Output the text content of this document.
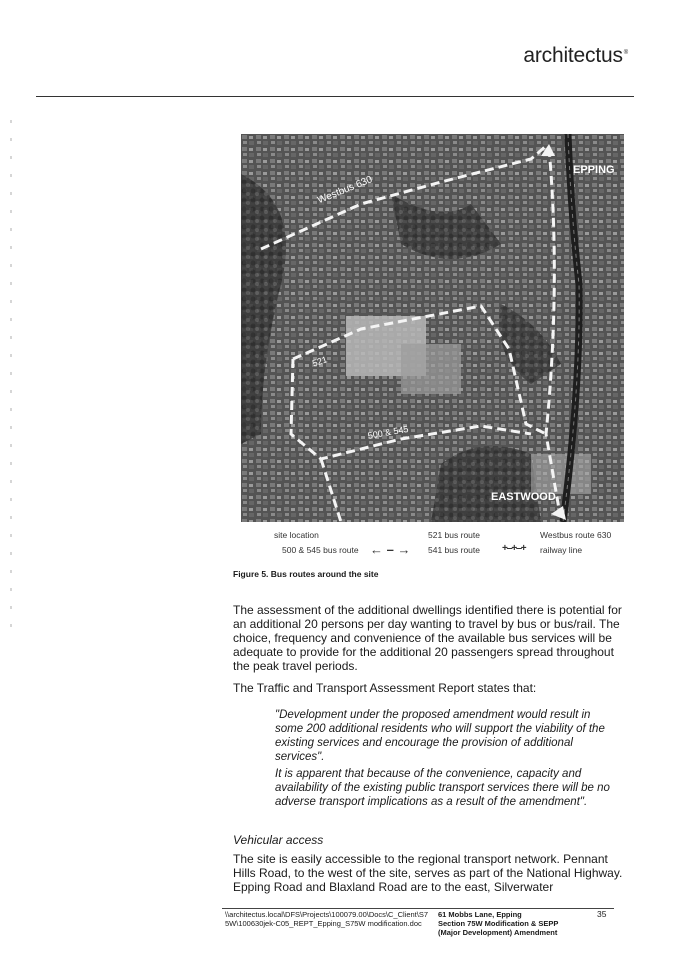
architectus®
EPPING
EASTWOOD
Westbus 630
521
500 & 545
site location	521 bus route	Westbus route 630
500 & 545 bus route ← – → 541 bus route +‒+‒+ railway line
Figure 5. Bus routes around the site

The assessment of the additional dwellings identified there is potential for an additional 20 persons per day wanting to travel by bus or bus/rail. The choice, frequency and convenience of the available bus services will be adequate to provide for the additional 20 passengers spread throughout the peak travel periods.

The Traffic and Transport Assessment Report states that:

"Development under the proposed amendment would result in some 200 additional residents who will support the viability of the existing services and encourage the provision of additional services".

It is apparent that because of the convenience, capacity and availability of the existing public transport services there will be no adverse transport implications as a result of the amendment".

Vehicular access

The site is easily accessible to the regional transport network. Pennant Hills Road, to the west of the site, serves as part of the National Highway. Epping Road and Blaxland Road are to the east, Silverwater

\\architectus.local\DFS\Projects\100079.00\Docs\C_Client\S75W\100630jek-C05_REPT_Epping_S75W modification.doc
61 Mobbs Lane, Epping
Section 75W Modification & SEPP
(Major Development) Amendment
35
